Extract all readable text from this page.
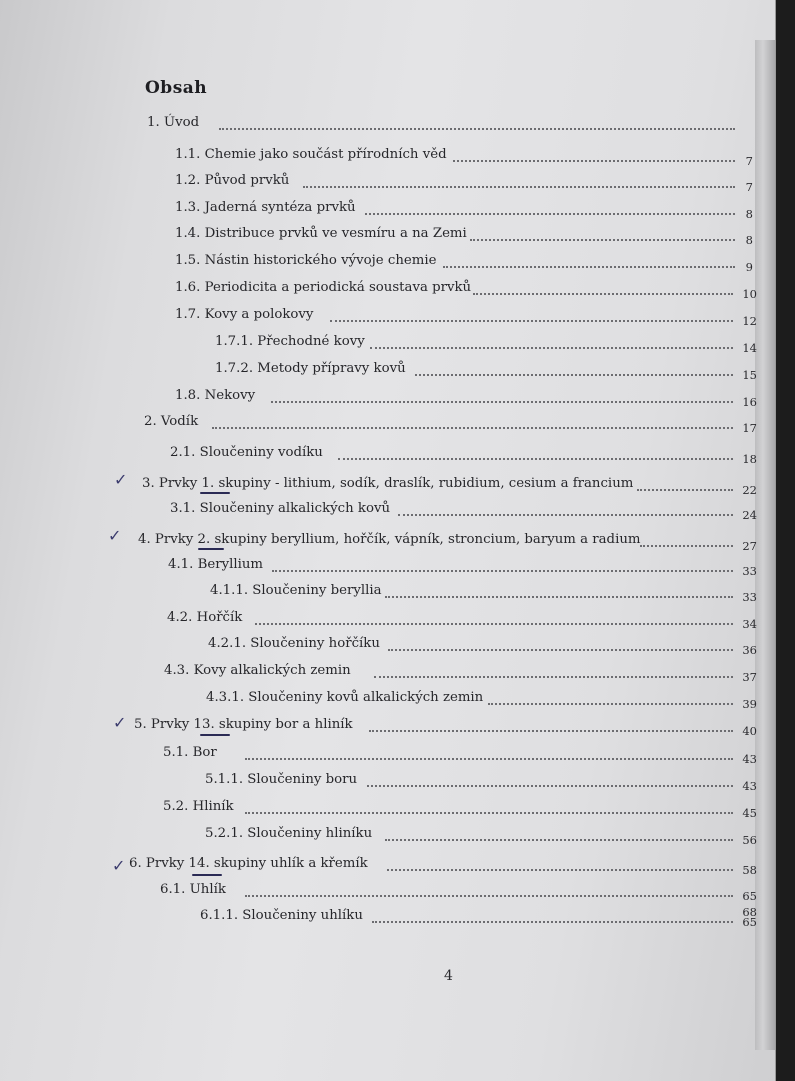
Obsah
1. Úvod
1.1. Chemie jako součást přírodních věd	7
1.2. Původ prvků	7
1.3. Jaderná syntéza prvků	8
1.4. Distribuce prvků ve vesmíru a na Zemi	8
1.5. Nástin historického vývoje chemie	9
1.6. Periodicita a periodická soustava prvků	10
1.7. Kovy a polokovy	12
1.7.1. Přechodné kovy	14
1.7.2. Metody přípravy kovů	15
1.8. Nekovy	16
2. Vodík	17
2.1. Sloučeniny vodíku	18
✓ 3. Prvky 1. skupiny - lithium, sodík, draslík, rubidium, cesium a francium	22
3.1. Sloučeniny alkalických kovů	24
✓ 4. Prvky 2. skupiny beryllium, hořčík, vápník, stroncium, baryum a radium	27
4.1. Beryllium	33
4.1.1. Sloučeniny beryllia	33
4.2. Hořčík	34
4.2.1. Sloučeniny hořčíku	36
4.3. Kovy alkalických zemin	37
4.3.1. Sloučeniny kovů alkalických zemin	39
✓ 5. Prvky 13. skupiny bor a hliník	40
5.1. Bor	43
5.1.1. Sloučeniny boru	43
5.2. Hliník	45
5.2.1. Sloučeniny hliníku	56
✓ 6. Prvky 14. skupiny uhlík a křemík	58
6.1. Uhlík	65
6.1.1. Sloučeniny uhlíku	65
68
4
